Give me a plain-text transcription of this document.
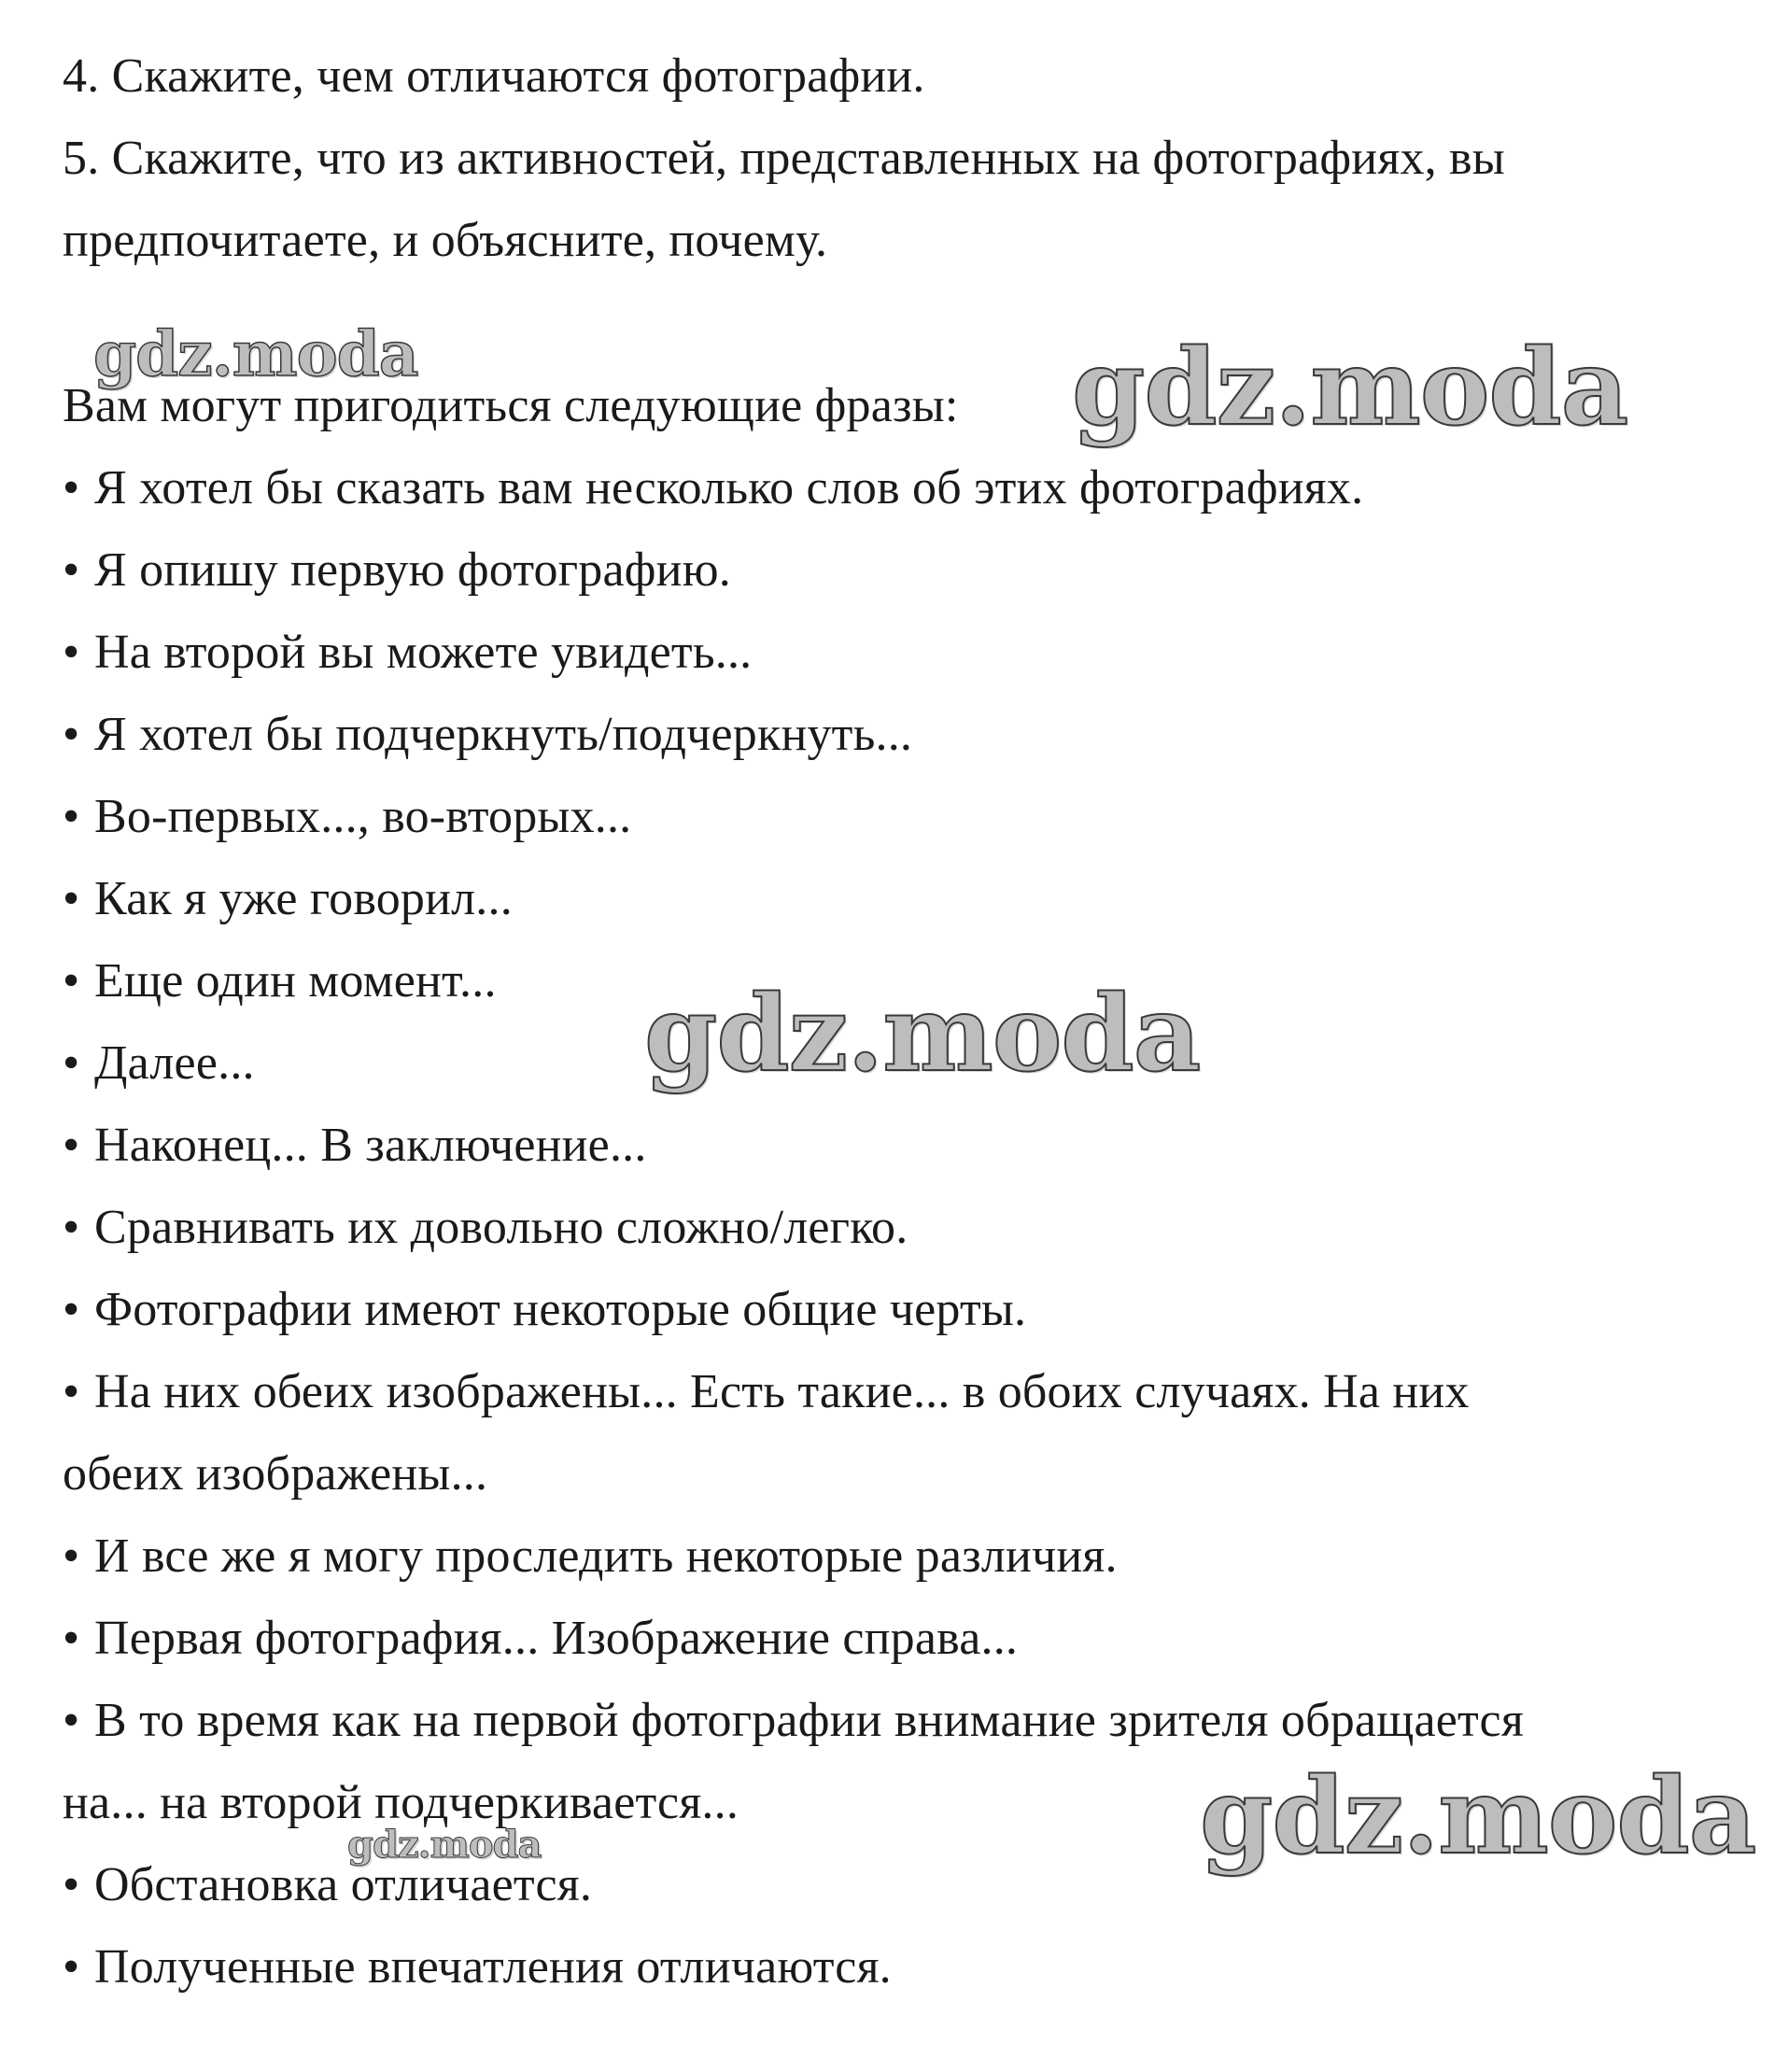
4. Скажите, чем отличаются фотографии.
5. Скажите, что из активностей, представленных на фотографиях, вы
предпочитаете, и объясните, почему.
Вам могут пригодиться следующие фразы:
• Я хотел бы сказать вам несколько слов об этих фотографиях.
• Я опишу первую фотографию.
• На второй вы можете увидеть...
• Я хотел бы подчеркнуть/подчеркнуть...
• Во-первых..., во-вторых...
• Как я уже говорил...
• Еще один момент...
• Далее...
• Наконец... В заключение...
• Сравнивать их довольно сложно/легко.
• Фотографии имеют некоторые общие черты.
• На них обеих изображены... Есть такие... в обоих случаях. На них
обеих изображены...
• И все же я могу проследить некоторые различия.
• Первая фотография... Изображение справа...
• В то время как на первой фотографии внимание зрителя обращается
на... на второй подчеркивается...
• Обстановка отличается.
• Полученные впечатления отличаются.
gdz.moda	gdz.moda
gdz.moda
gdz.moda
gdz.moda
